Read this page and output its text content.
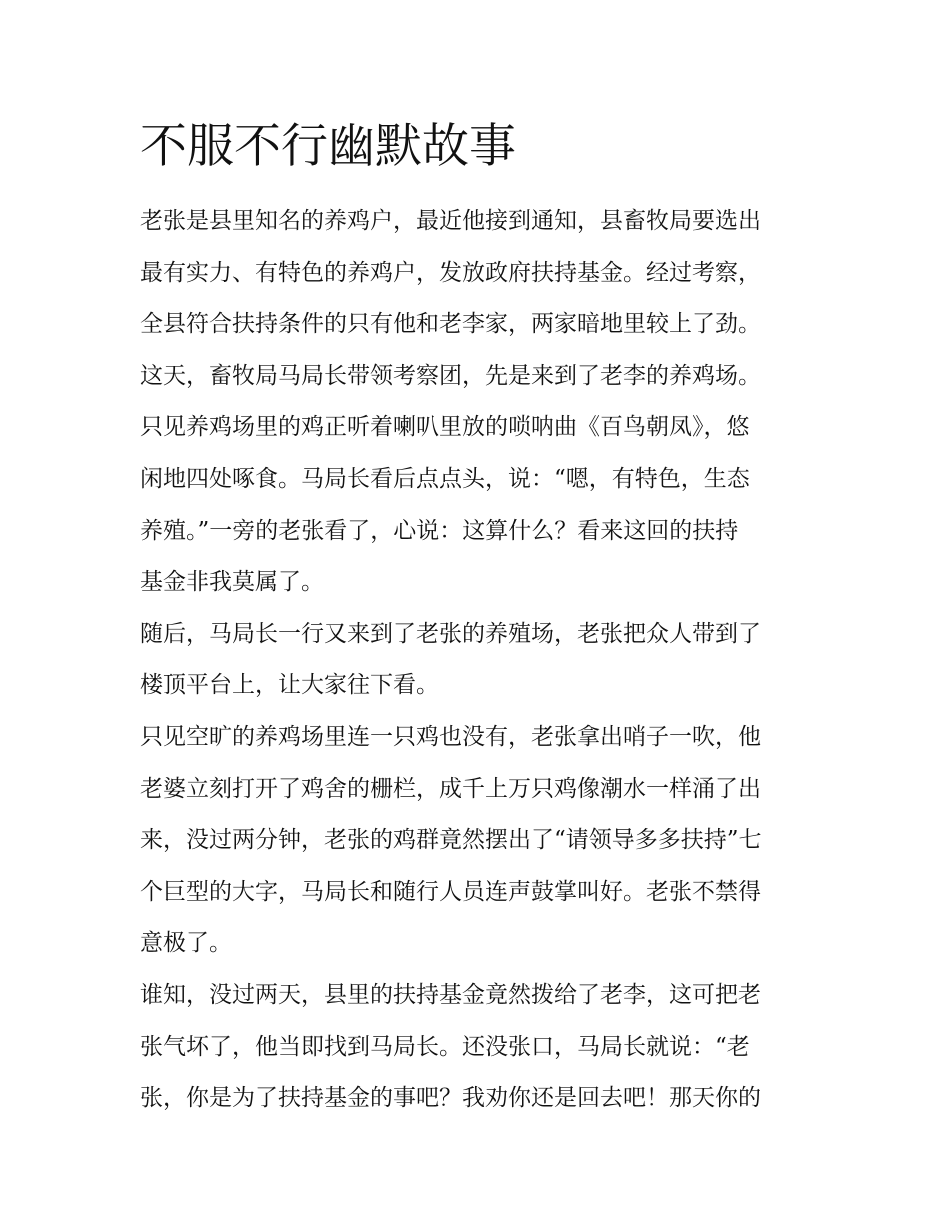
不服不行幽默故事

老张是县里知名的养鸡户，最近他接到通知，县畜牧局要选出
最有实力、有特色的养鸡户，发放政府扶持基金。经过考察，
全县符合扶持条件的只有他和老李家，两家暗地里较上了劲。
这天，畜牧局马局长带领考察团，先是来到了老李的养鸡场。
只见养鸡场里的鸡正听着喇叭里放的唢呐曲《百鸟朝凤》，悠
闲地四处啄食。马局长看后点点头，说：“嗯，有特色，生态
养殖。”一旁的老张看了，心说：这算什么？看来这回的扶持
基金非我莫属了。

随后，马局长一行又来到了老张的养殖场，老张把众人带到了
楼顶平台上，让大家往下看。

只见空旷的养鸡场里连一只鸡也没有，老张拿出哨子一吹，他
老婆立刻打开了鸡舍的栅栏，成千上万只鸡像潮水一样涌了出
来，没过两分钟，老张的鸡群竟然摆出了“请领导多多扶持”七
个巨型的大字，马局长和随行人员连声鼓掌叫好。老张不禁得
意极了。

谁知，没过两天，县里的扶持基金竟然拨给了老李，这可把老
张气坏了，他当即找到马局长。还没张口，马局长就说：“老
张，你是为了扶持基金的事吧？我劝你还是回去吧！那天你的
